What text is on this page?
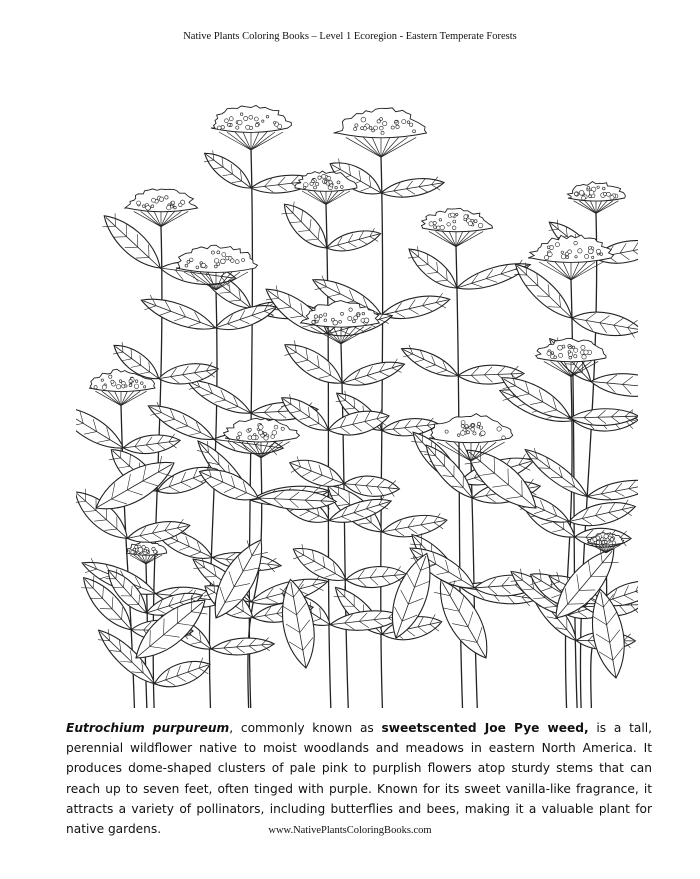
Native Plants Coloring Books – Level 1 Ecoregion - Eastern Temperate Forests

Eutrochium purpureum, commonly known as sweetscented Joe Pye weed, is a tall, perennial wildflower native to moist woodlands and meadows in eastern North America. It produces dome-shaped clusters of pale pink to purplish flowers atop sturdy stems that can reach up to seven feet, often tinged with purple. Known for its sweet vanilla-like fragrance, it attracts a variety of pollinators, including butterflies and bees, making it a valuable plant for native gardens.	www.NativePlantsColoringBooks.com
